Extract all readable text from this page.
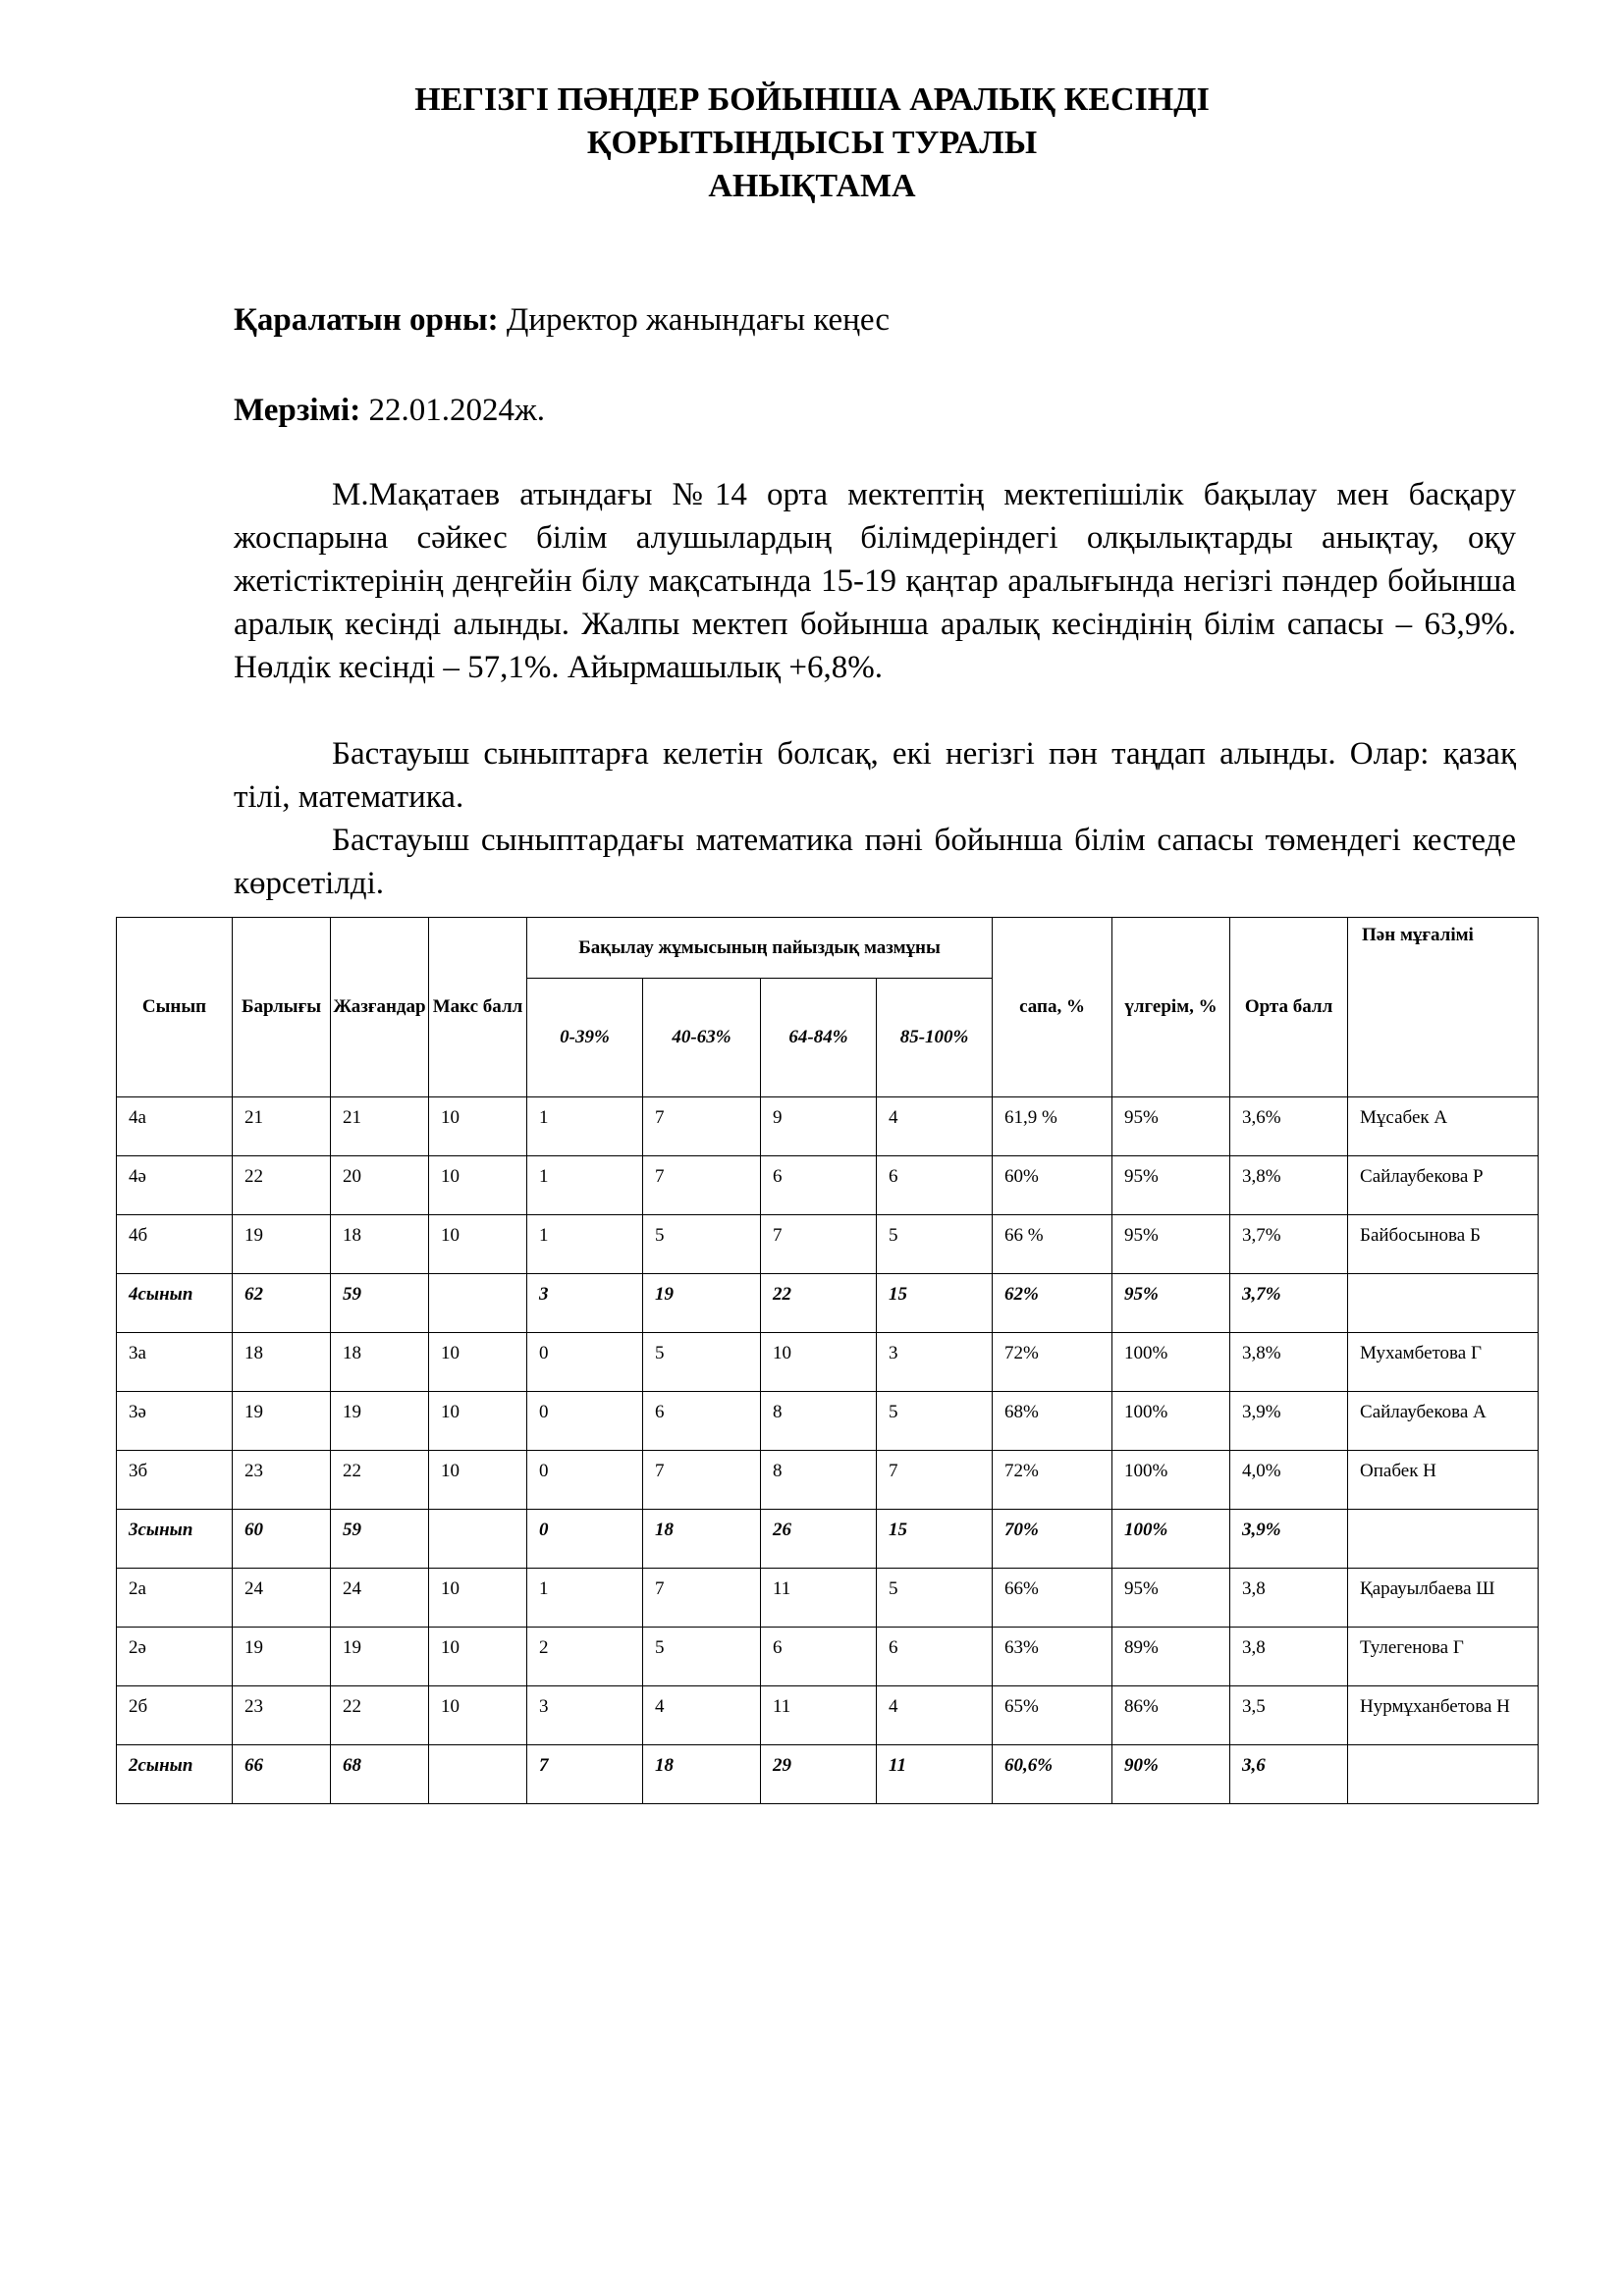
НЕГІЗГІ ПӘНДЕР БОЙЫНША АРАЛЫҚ КЕСІНДІ
ҚОРЫТЫНДЫСЫ ТУРАЛЫ
АНЫҚТАМА
Қаралатын орны: Директор жанындағы кеңес
Мерзімі: 22.01.2024ж.
М.Мақатаев атындағы №14 орта мектептің мектепішілік бақылау мен басқару жоспарына сәйкес білім алушылардың білімдеріндегі олқылықтарды анықтау, оқу жетістіктерінің деңгейін білу мақсатында 15-19 қаңтар аралығында негізгі пәндер бойынша аралық кесінді алынды. Жалпы мектеп бойынша аралық кесіндінің білім сапасы – 63,9%. Нөлдік кесінді – 57,1%. Айырмашылық +6,8%.
Бастауыш сыныптарға келетін болсақ, екі негізгі пән таңдап алынды. Олар: қазақ тілі, математика.
Бастауыш сыныптардағы математика пәні бойынша білім сапасы төмендегі кестеде көрсетілді.
Сынып	Барлығы	Жазғандар	Макс балл	Бақылау жұмысының пайыздық мазмұны				сапа, %	үлгерім, %	Орта балл	Пән мұғалімі
				0-39%	40-63%	64-84%	85-100%				
4а	21	21	10	1	7	9	4	61,9 %	95%	3,6%	Мұсабек А
4ә	22	20	10	1	7	6	6	60%	95%	3,8%	Сайлаубекова Р
4б	19	18	10	1	5	7	5	66 %	95%	3,7%	Байбосынова Б
4сынып	62	59		3	19	22	15	62%	95%	3,7%	
3а	18	18	10	0	5	10	3	72%	100%	3,8%	Мухамбетова Г
3ә	19	19	10	0	6	8	5	68%	100%	3,9%	Сайлаубекова А
3б	23	22	10	0	7	8	7	72%	100%	4,0%	Опабек Н
3сынып	60	59		0	18	26	15	70%	100%	3,9%	
2а	24	24	10	1	7	11	5	66%	95%	3,8	Қарауылбаева Ш
2ә	19	19	10	2	5	6	6	63%	89%	3,8	Тулегенова Г
2б	23	22	10	3	4	11	4	65%	86%	3,5	Нурмұханбетова Н
2сынып	66	68		7	18	29	11	60,6%	90%	3,6	
